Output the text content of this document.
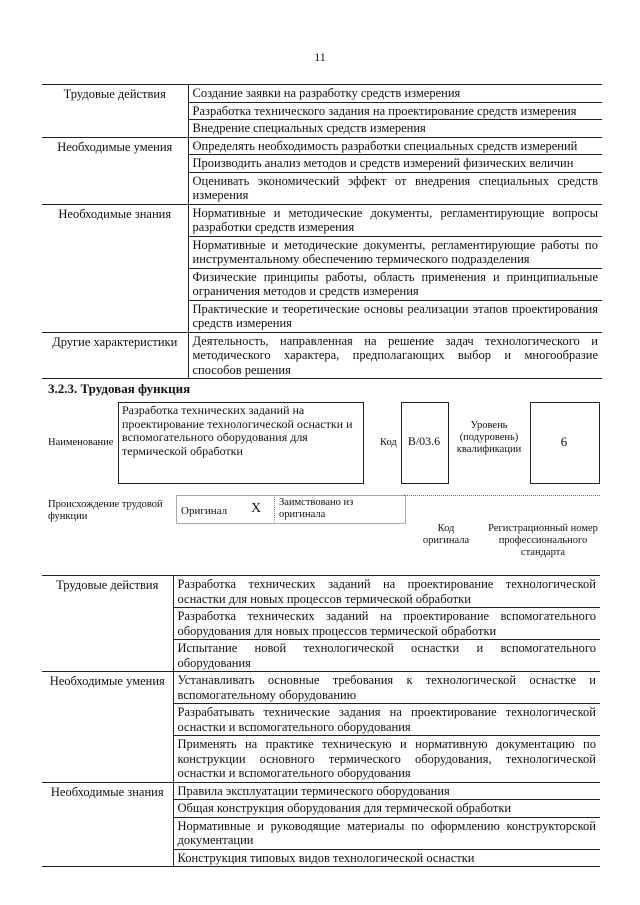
11
Трудовые действия	Создание заявки на разработку средств измерения
	Разработка технического задания на проектирование средств измерения
	Внедрение специальных средств измерения
Необходимые умения	Определять необходимость разработки специальных средств измерений
	Производить анализ методов и средств измерений физических величин
	Оценивать экономический эффект от внедрения специальных средств измерения
Необходимые знания	Нормативные и методические документы, регламентирующие вопросы разработки средств измерения
	Нормативные и методические документы, регламентирующие работы по инструментальному обеспечению термического подразделения
	Физические принципы работы, область применения и принципиальные ограничения методов и средств измерения
	Практические и теоретические основы реализации этапов проектирования средств измерения
Другие характеристики	Деятельность, направленная на решение задач технологического и методического характера, предполагающих выбор и многообразие способов решения
3.2.3. Трудовая функция
Наименование
Разработка технических заданий на проектирование технологической оснастки и вспомогательного оборудования для термической обработки
Код В/03.6
Уровень (подуровень) квалификации
6
Происхождение трудовой функции	Оригинал X Заимствовано из оригинала
Код оригинала
Регистрационный номер профессионального стандарта
Трудовые действия	Разработка технических заданий на проектирование технологической оснастки для новых процессов термической обработки
	Разработка технических заданий на проектирование вспомогательного оборудования для новых процессов термической обработки
	Испытание новой технологической оснастки и вспомогательного оборудования
Необходимые умения	Устанавливать основные требования к технологической оснастке и вспомогательному оборудованию
	Разрабатывать технические задания на проектирование технологической оснастки и вспомогательного оборудования
	Применять на практике техническую и нормативную документацию по конструкции основного термического оборудования, технологической оснастки и вспомогательного оборудования
Необходимые знания	Правила эксплуатации термического оборудования
	Общая конструкция оборудования для термической обработки
	Нормативные и руководящие материалы по оформлению конструкторской документации
	Конструкция типовых видов технологической оснастки
